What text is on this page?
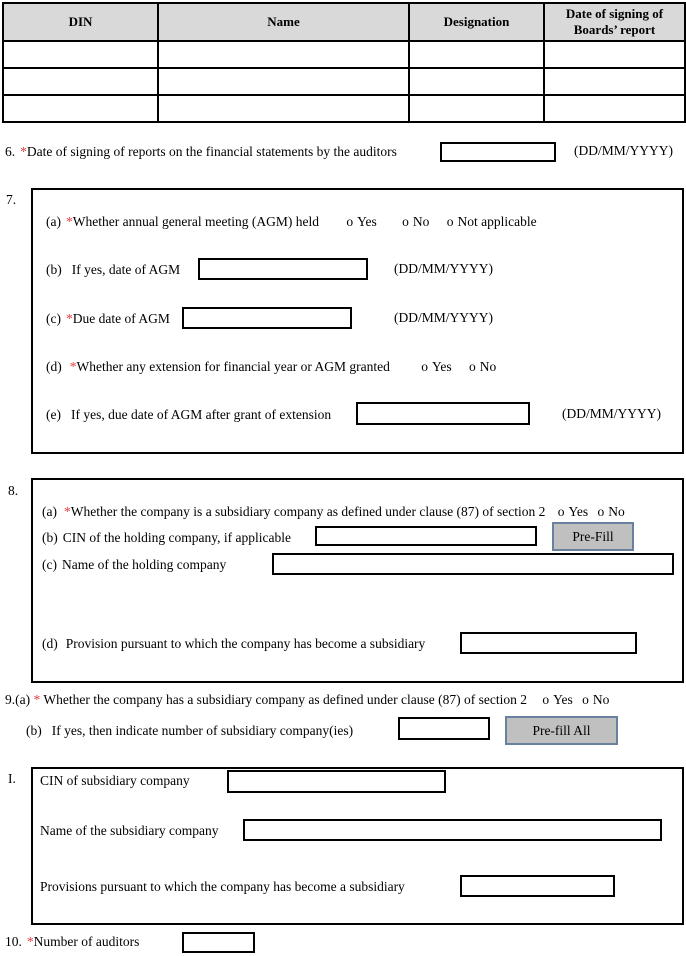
DIN	Name	Designation	Date of signing of Boards’ report

6. *Date of signing of reports on the financial statements by the auditors	(DD/MM/YYYY)
7.
(a) *Whether annual general meeting (AGM) held o Yes o No o Not applicable
(b) If yes, date of AGM	(DD/MM/YYYY)
(c) *Due date of AGM	(DD/MM/YYYY)
(d) *Whether any extension for financial year or AGM granted o Yes o No
(e) If yes, due date of AGM after grant of extension	(DD/MM/YYYY)
8.
(a) *Whether the company is a subsidiary company as defined under clause (87) of section 2 o Yes o No
(b) CIN of the holding company, if applicable	Pre-Fill
(c) Name of the holding company
(d) Provision pursuant to which the company has become a subsidiary
9.(a) * Whether the company has a subsidiary company as defined under clause (87) of section 2 o Yes o No
(b) If yes, then indicate number of subsidiary company(ies)	Pre-fill All
I. CIN of subsidiary company
Name of the subsidiary company
Provisions pursuant to which the company has become a subsidiary
10. *Number of auditors
